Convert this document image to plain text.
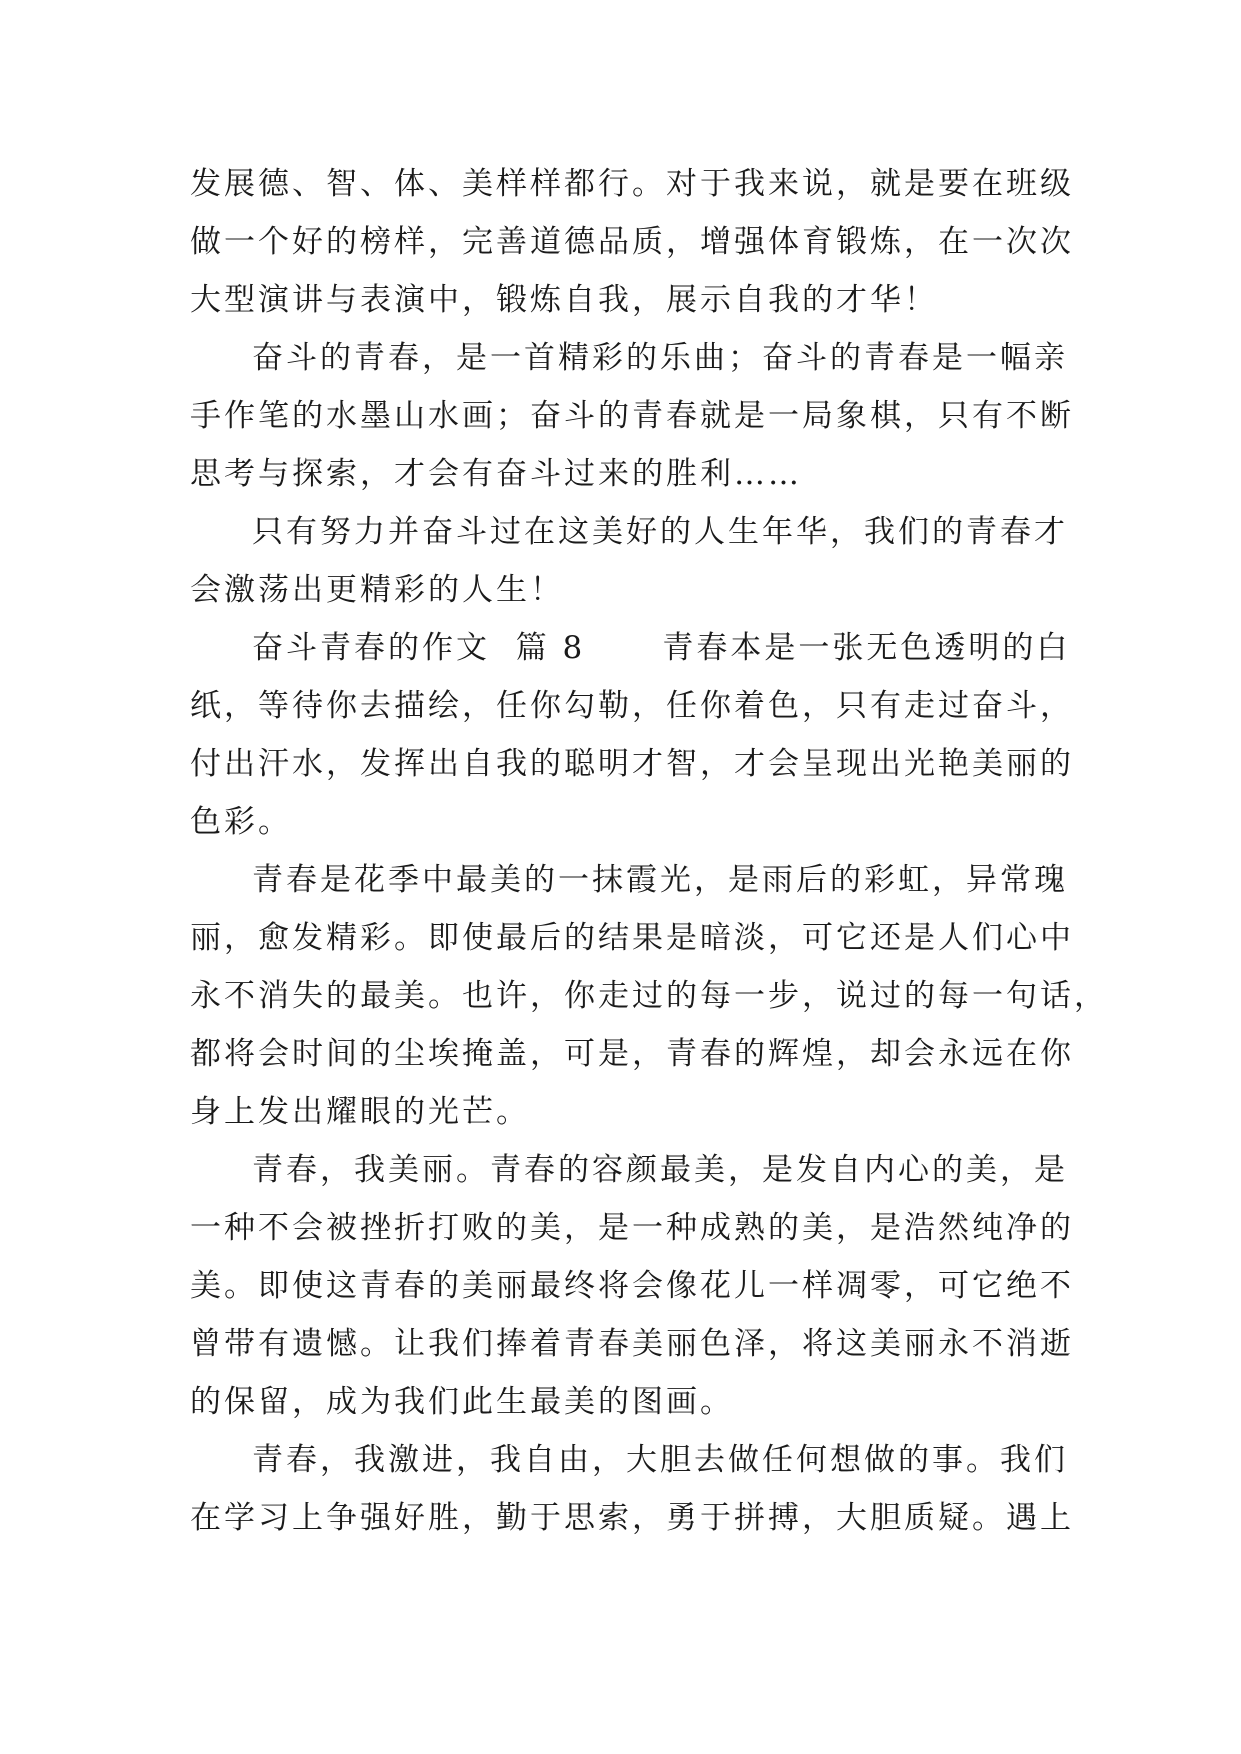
发展德、智、体、美样样都行。对于我来说，就是要在班级
做一个好的榜样，完善道德品质，增强体育锻炼，在一次次
大型演讲与表演中，锻炼自我，展示自我的才华！
奋斗的青春，是一首精彩的乐曲；奋斗的青春是一幅亲
手作笔的水墨山水画；奋斗的青春就是一局象棋，只有不断
思考与探索，才会有奋斗过来的胜利……
只有努力并奋斗过在这美好的人生年华，我们的青春才
会激荡出更精彩的人生！
奋斗青春的作文  篇 8      青春本是一张无色透明的白
纸，等待你去描绘，任你勾勒，任你着色，只有走过奋斗，
付出汗水，发挥出自我的聪明才智，才会呈现出光艳美丽的
色彩。
青春是花季中最美的一抹霞光，是雨后的彩虹，异常瑰
丽，愈发精彩。即使最后的结果是暗淡，可它还是人们心中
永不消失的最美。也许，你走过的每一步，说过的每一句话，
都将会时间的尘埃掩盖，可是，青春的辉煌，却会永远在你
身上发出耀眼的光芒。
青春，我美丽。青春的容颜最美，是发自内心的美，是
一种不会被挫折打败的美，是一种成熟的美，是浩然纯净的
美。即使这青春的美丽最终将会像花儿一样凋零，可它绝不
曾带有遗憾。让我们捧着青春美丽色泽，将这美丽永不消逝
的保留，成为我们此生最美的图画。
青春，我激进，我自由，大胆去做任何想做的事。我们
在学习上争强好胜，勤于思索，勇于拼搏，大胆质疑。遇上
